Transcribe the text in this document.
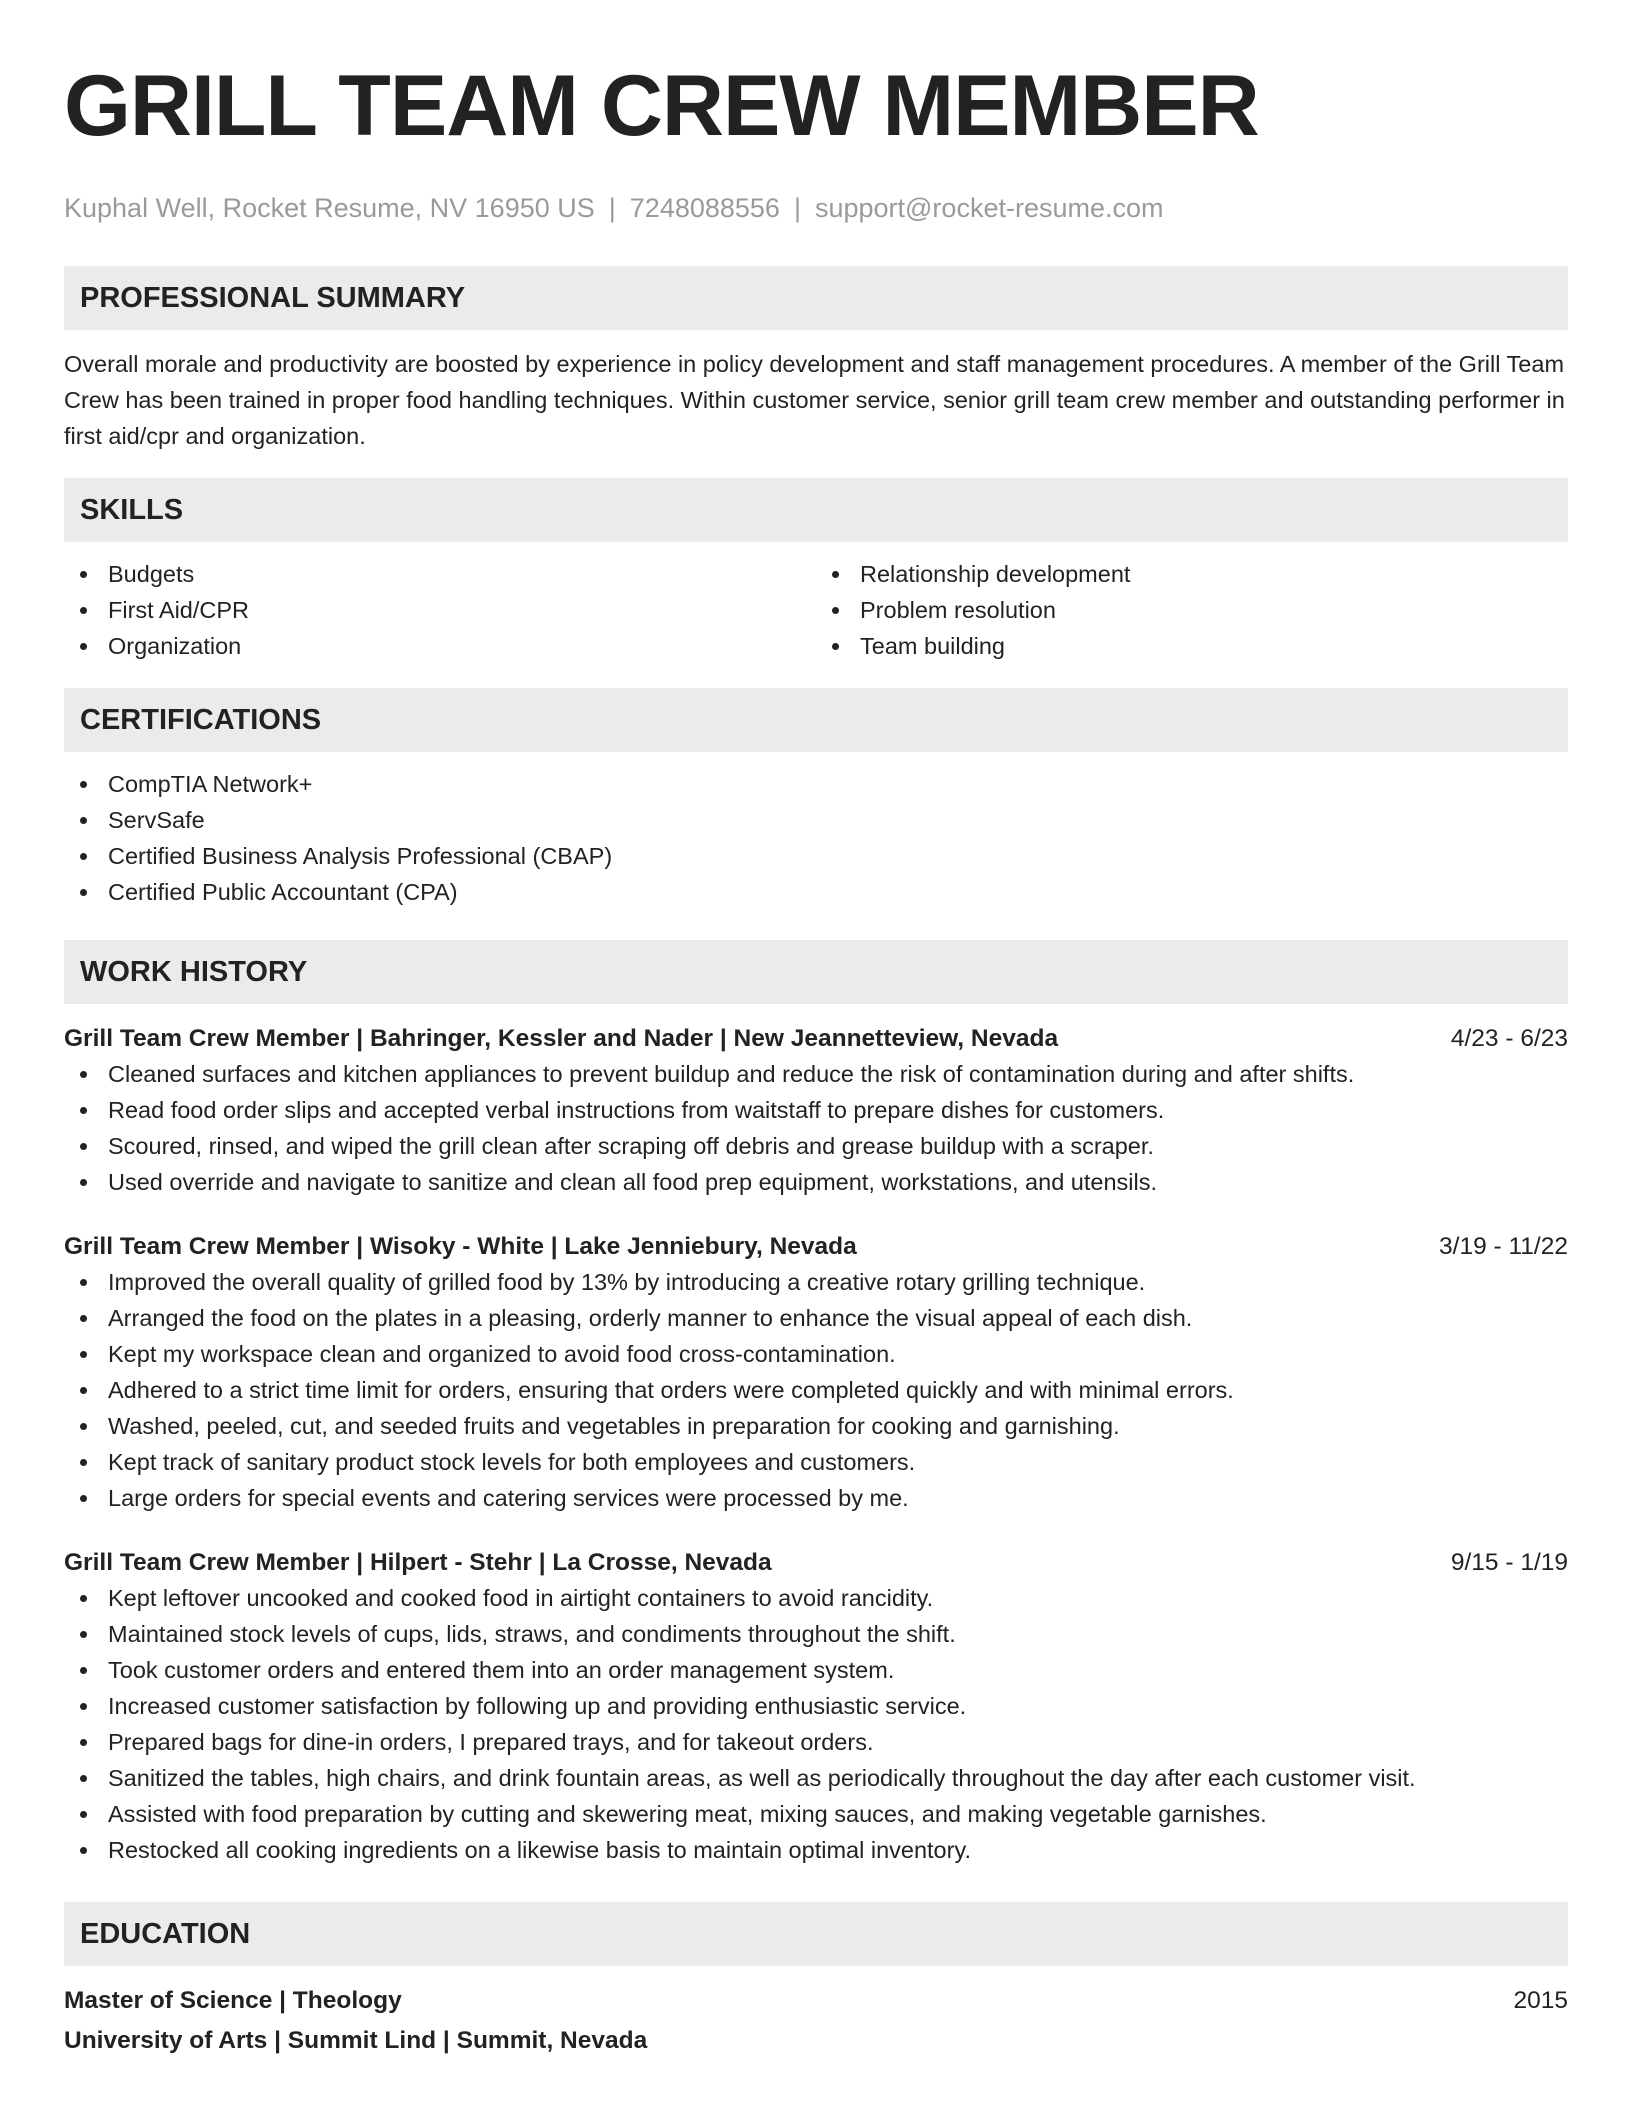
GRILL TEAM CREW MEMBER
Kuphal Well, Rocket Resume, NV 16950 US | 7248088556 | support@rocket-resume.com
PROFESSIONAL SUMMARY

Overall morale and productivity are boosted by experience in policy development and staff management procedures. A member of the Grill Team Crew has been trained in proper food handling techniques. Within customer service, senior grill team crew member and outstanding performer in first aid/cpr and organization.

SKILLS
Budgets
First Aid/CPR
Organization
Relationship development
Problem resolution
Team building
CERTIFICATIONS
CompTIA Network+
ServSafe
Certified Business Analysis Professional (CBAP)
Certified Public Accountant (CPA)
WORK HISTORY
Grill Team Crew Member | Bahringer, Kessler and Nader | New Jeannetteview, Nevada	4/23 - 6/23
Cleaned surfaces and kitchen appliances to prevent buildup and reduce the risk of contamination during and after shifts.
Read food order slips and accepted verbal instructions from waitstaff to prepare dishes for customers.
Scoured, rinsed, and wiped the grill clean after scraping off debris and grease buildup with a scraper.
Used override and navigate to sanitize and clean all food prep equipment, workstations, and utensils.
Grill Team Crew Member | Wisoky - White | Lake Jenniebury, Nevada	3/19 - 11/22
Improved the overall quality of grilled food by 13% by introducing a creative rotary grilling technique.
Arranged the food on the plates in a pleasing, orderly manner to enhance the visual appeal of each dish.
Kept my workspace clean and organized to avoid food cross-contamination.
Adhered to a strict time limit for orders, ensuring that orders were completed quickly and with minimal errors.
Washed, peeled, cut, and seeded fruits and vegetables in preparation for cooking and garnishing.
Kept track of sanitary product stock levels for both employees and customers.
Large orders for special events and catering services were processed by me.
Grill Team Crew Member | Hilpert - Stehr | La Crosse, Nevada	9/15 - 1/19
Kept leftover uncooked and cooked food in airtight containers to avoid rancidity.
Maintained stock levels of cups, lids, straws, and condiments throughout the shift.
Took customer orders and entered them into an order management system.
Increased customer satisfaction by following up and providing enthusiastic service.
Prepared bags for dine-in orders, I prepared trays, and for takeout orders.
Sanitized the tables, high chairs, and drink fountain areas, as well as periodically throughout the day after each customer visit.
Assisted with food preparation by cutting and skewering meat, mixing sauces, and making vegetable garnishes.
Restocked all cooking ingredients on a likewise basis to maintain optimal inventory.
EDUCATION
Master of Science | Theology	2015
University of Arts | Summit Lind | Summit, Nevada
